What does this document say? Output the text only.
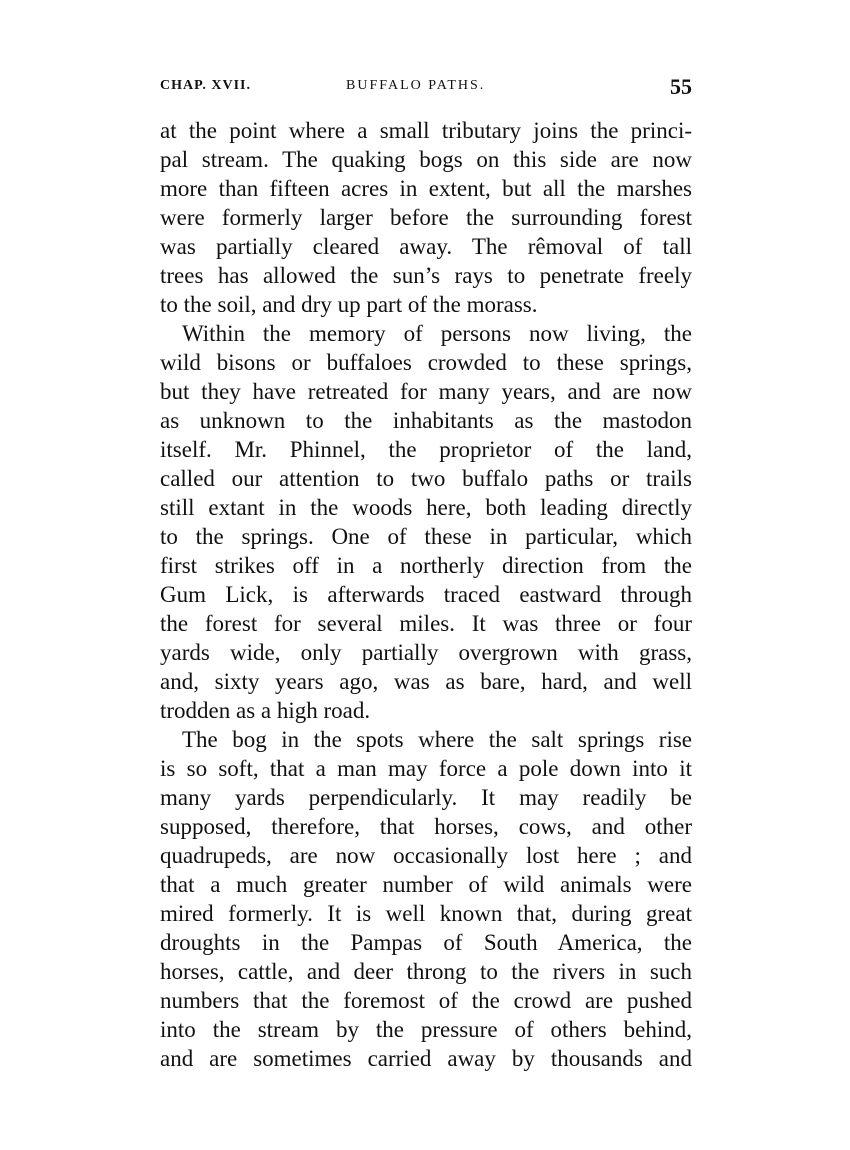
CHAP. XVII.	BUFFALO PATHS.	55
at the point where a small tributary joins the princi-
pal stream. The quaking bogs on this side are now
more than fifteen acres in extent, but all the marshes
were formerly larger before the surrounding forest
was partially cleared away. The rêmoval of tall
trees has allowed the sun’s rays to penetrate freely
to the soil, and dry up part of the morass.
Within the memory of persons now living, the
wild bisons or buffaloes crowded to these springs,
but they have retreated for many years, and are now
as unknown to the inhabitants as the mastodon
itself. Mr. Phinnel, the proprietor of the land,
called our attention to two buffalo paths or trails
still extant in the woods here, both leading directly
to the springs. One of these in particular, which
first strikes off in a northerly direction from the
Gum Lick, is afterwards traced eastward through
the forest for several miles. It was three or four
yards wide, only partially overgrown with grass,
and, sixty years ago, was as bare, hard, and well
trodden as a high road.
The bog in the spots where the salt springs rise
is so soft, that a man may force a pole down into it
many yards perpendicularly. It may readily be
supposed, therefore, that horses, cows, and other
quadrupeds, are now occasionally lost here ; and
that a much greater number of wild animals were
mired formerly. It is well known that, during great
droughts in the Pampas of South America, the
horses, cattle, and deer throng to the rivers in such
numbers that the foremost of the crowd are pushed
into the stream by the pressure of others behind,
and are sometimes carried away by thousands and
